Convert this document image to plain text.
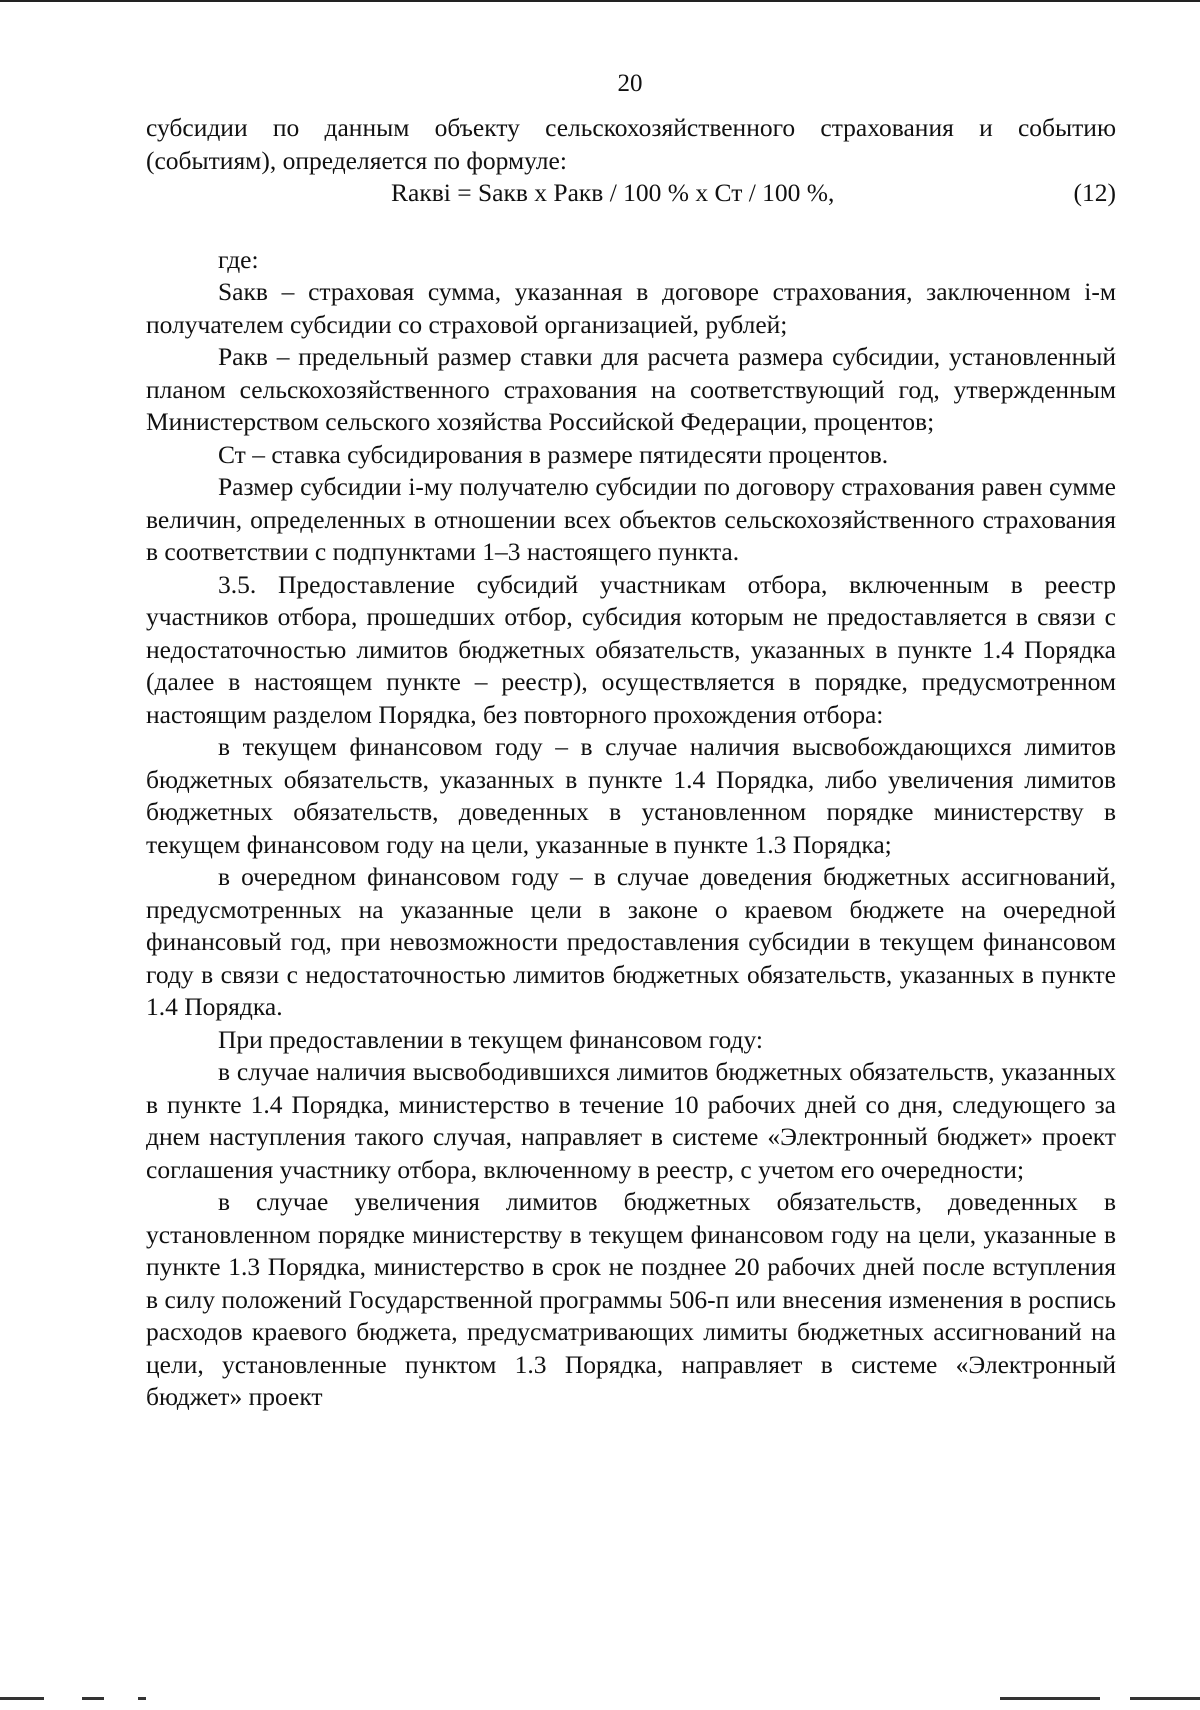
20

субсидии по данным объекту сельскохозяйственного страхования и событию (событиям), определяется по формуле:

Rакві = Sакв х Ракв / 100 % х Ст / 100 %,	(12)

где:

Sакв – страховая сумма, указанная в договоре страхования, заключенном і-м получателем субсидии со страховой организацией, рублей;

Ракв – предельный размер ставки для расчета размера субсидии, установленный планом сельскохозяйственного страхования на соответствующий год, утвержденным Министерством сельского хозяйства Российской Федерации, процентов;

Ст – ставка субсидирования в размере пятидесяти процентов.

Размер субсидии і-му получателю субсидии по договору страхования равен сумме величин, определенных в отношении всех объектов сельскохозяйственного страхования в соответствии с подпунктами 1–3 настоящего пункта.

3.5. Предоставление субсидий участникам отбора, включенным в реестр участников отбора, прошедших отбор, субсидия которым не предоставляется в связи с недостаточностью лимитов бюджетных обязательств, указанных в пункте 1.4 Порядка (далее в настоящем пункте – реестр), осуществляется в порядке, предусмотренном настоящим разделом Порядка, без повторного прохождения отбора:

в текущем финансовом году – в случае наличия высвобождающихся лимитов бюджетных обязательств, указанных в пункте 1.4 Порядка, либо увеличения лимитов бюджетных обязательств, доведенных в установленном порядке министерству в текущем финансовом году на цели, указанные в пункте 1.3 Порядка;

в очередном финансовом году – в случае доведения бюджетных ассигнований, предусмотренных на указанные цели в законе о краевом бюджете на очередной финансовый год, при невозможности предоставления субсидии в текущем финансовом году в связи с недостаточностью лимитов бюджетных обязательств, указанных в пункте 1.4 Порядка.

При предоставлении в текущем финансовом году:

в случае наличия высвободившихся лимитов бюджетных обязательств, указанных в пункте 1.4 Порядка, министерство в течение 10 рабочих дней со дня, следующего за днем наступления такого случая, направляет в системе «Электронный бюджет» проект соглашения участнику отбора, включенному в реестр, с учетом его очередности;

в случае увеличения лимитов бюджетных обязательств, доведенных в установленном порядке министерству в текущем финансовом году на цели, указанные в пункте 1.3 Порядка, министерство в срок не позднее 20 рабочих дней после вступления в силу положений Государственной программы 506-п или внесения изменения в роспись расходов краевого бюджета, предусматривающих лимиты бюджетных ассигнований на цели, установленные пунктом 1.3 Порядка, направляет в системе «Электронный бюджет» проект
